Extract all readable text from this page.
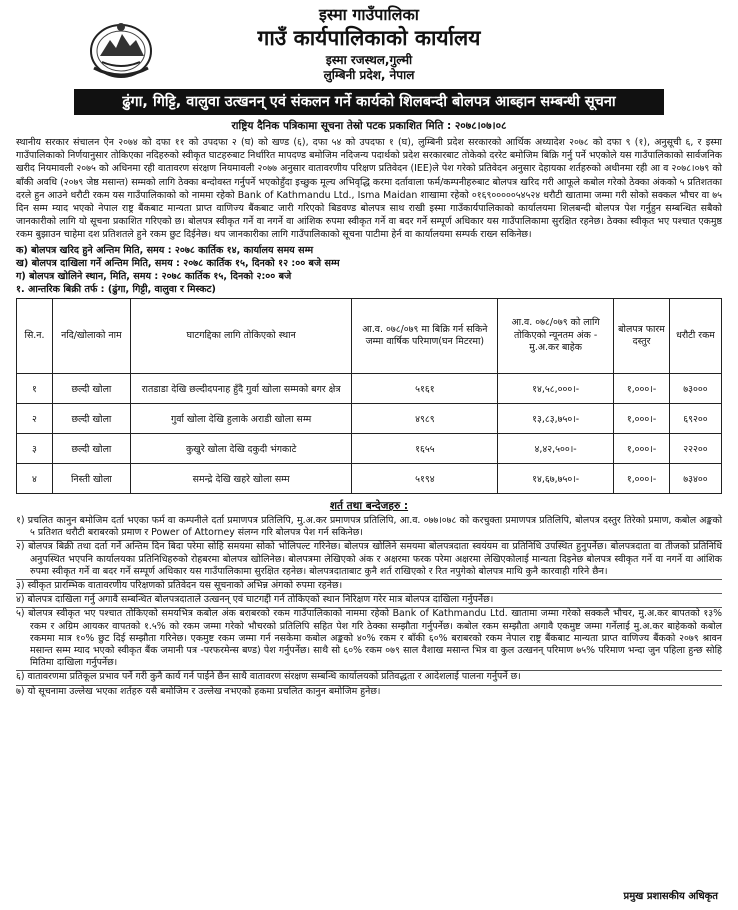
इस्मा गाउँपालिका
गाउँ कार्यपालिकाको कार्यालय
इस्मा रजस्थल,गुल्मी
लुम्बिनी प्रदेश, नेपाल
ढुंगा, गिट्टि, वालुवा उत्खनन् एवं संकलन गर्ने कार्यको शिलबन्दी बोलपत्र आब्हान सम्बन्धी सूचना
राष्ट्रिय दैनिक पत्रिकामा सूचना तेस्रो पटक प्रकाशित मिति : २०७८।०७।०८
स्थानीय सरकार संचालन ऐन २०७४ को दफा ११ को उपदफा २ (घ) को खण्ड (६), दफा ५४ को उपदफा १ (घ), लुम्बिनी प्रदेश सरकारको आर्थिक अध्यादेश २०७८ को दफा ९ (१), अनुसूची ६, र इस्मा गाउँपालिकाको निर्णयानुसार तोकिएका नदिहरुको स्वीकृत घाटहरुबाट निर्धारित मापदण्ड बमोजिम नदिजन्य पदार्थको प्रदेश सरकारबाट तोकेको दररेट बमोजिम बिक्रि गर्नु पर्ने भएकोले यस गाउँपालिकाको सार्वजनिक खरीद नियमावली २०७५ को अधिनमा रही वातावरण संरक्षण नियमावली २०७७ अनुसार वातावरणीय परिक्षण प्रतिवेदन (IEE)ले पेश गरेको प्रतिवेदन अनुसार देहायका शर्तहरुको अधीनमा रही आ व २०७८।०७९ को बाँकी अवधि (२०७९ जेष्ठ मसान्त) सम्मको लागि ठेक्का बन्दोवस्त गर्नुपर्ने भएकोहुँदा इच्छुक मूल्य अभिवृद्धि करमा दर्तावाला फर्म/कम्पनीहरुबाट बोलपत्र खरिद गरी आफूले कबोल गरेको ठेक्का अंकको ५ प्रतिशतका दरले हुन आउने धरौटी रकम यस गाउँपालिकाको को नाममा रहेको Bank of Kathmandu Ltd., Isma Maidan शाखामा रहेको ०१६९०००००५४५२४ धरौटी खातामा जम्मा गरी सोको सक्कल भौचर वा ७५ दिन सम्म म्याद भएको नेपाल राष्ट्र बैंकबाट मान्यता प्राप्त वाणिज्य बैंकबाट जारी गरिएको बिडवण्ड बोलपत्र साथ राखी इस्मा गाउँकार्यपालिकाको कार्यालयमा शिलबन्दी बोलपत्र पेश गर्नुहुन सम्बन्धित सबैको जानकारीको लागि यो सूचना प्रकाशित गरिएको छ। बोलपत्र स्वीकृत गर्ने वा नगर्ने वा आंशिक रुपमा स्वीकृत गर्ने वा बदर गर्ने सम्पूर्ण अधिकार यस गाउँपालिकामा सुरक्षित रहनेछ। ठेक्का स्वीकृत भए पश्चात एकमुष्ठ रकम बुझाउन चाहेमा दश प्रतिशतले हुने रकम छुट दिईनेछ। थप जानकारीका लागि गाउँपालिकाको सूचना पाटीमा हेर्न वा कार्यालयमा सम्पर्क राख्न सकिनेछ।
क) बोलपत्र खरिद हुने अन्तिम मिति, समय : २०७८ कार्तिक १४, कार्यालय समय सम्म
ख) बोलपत्र दाखिला गर्ने अन्तिम मिति, समय : २०७८ कार्तिक १५, दिनको १२ :०० बजे सम्म
ग) बोलपत्र खोलिने स्थान, मिति, समय : २०७८ कार्तिक १५, दिनको २:०० बजे
१. आन्तरिक बिक्री तर्फ : (ढुंगा, गिट्टी, वालुवा र मिस्कट)
सि.न.	नदि/खोलाको नाम	घाटगद्दिका लागि तोकिएको स्थान	आ.व. ०७८/०७९ मा बिक्रि गर्न सकिने जम्मा वार्षिक परिमाण(घन मिटरमा)	आ.व. ०७८/०७९ को लागि तोकिएको न्यूनतम अंक - मु.अ.कर बाहेक	बोलपत्र फारम दस्तुर	धरौटी रकम
१	छल्दी खोला	रातडाडा देखि छल्दीदपनाह हुँदै गुर्वा खोला सम्मको बगर क्षेत्र	५१६१	१४,५८,०००।-	१,०००।-	७३०००
२	छल्दी खोला	गुर्वा खोला देखि हुलाके अराडी खोला सम्म	४९८९	१३,८३,७५०।-	१,०००।-	६९२००
३	छल्दी खोला	कुखुरे खोला देखि दकुदी भंगकाटे	१६५५	४,४२,५००।-	१,०००।-	२२२००
४	निस्ती खोला	समन्द्रे देखि खहरे खोला सम्म	५१९४	१४,६७,७५०।-	१,०००।-	७३४००
शर्त तथा बन्देजहरु :
१) प्रचलित कानुन बमोजिम दर्ता भएका फर्म वा कम्पनीले दर्ता प्रमाणपत्र प्रतिलिपि, मु.अ.कर प्रमाणपत्र प्रतिलिपि, आ.व. ०७७।०७८ को करचुक्ता प्रमाणपत्र प्रतिलिपि, बोलपत्र दस्तुर तिरेको प्रमाण, कबोल अङ्कको ५ प्रतिशत धरौटी बराबरको प्रमाण र Power of Attorney संलग्न गरि बोलपत्र पेश गर्न सकिनेछ।
२) बोलपत्र बिक्री तथा दर्ता गर्ने अन्तिम दिन बिदा परेमा सोहि समयमा सोको भोलिपल्ट गरिनेछ। बोलपत्र खोलिने समयमा बोलपत्रदाता स्वयंयम वा प्रतिनिधि उपस्थित हुनुपर्नेछ। बोलपत्रदाता वा तीजको प्रतिनिधि अनुपस्थित भएपनि कार्यालयका प्रतिनिधिहरुको रोहबरमा बोलपत्र खोलिनेछ। बोलपत्रमा लेखिएको अंक र अक्षरमा फरक परेमा अक्षरमा लेखिएकोलाई मान्यता दिइनेछ बोलपत्र स्वीकृत गर्ने वा नगर्ने वा आंशिक रुपमा स्वीकृत गर्ने वा बदर गर्ने सम्पूर्ण अधिकार यस गाउँपालिकामा सुरक्षित रहनेछ। बोलपत्रदाताबाट कुनै शर्त राखिएको र रित नपुगेको बोलपत्र माथि कुनै कारवाही गरिने छैन।
३) स्वीकृत प्रारम्भिक वातावरणीय परिक्षणको प्रतिवेदन यस सूचनाको अभिन्न अंगको रुपमा रहनेछ।
४) बोलपत्र दाखिला गर्नु अगावै सम्बन्धित बोलपत्रदाताले उत्खनन् एवं घाटगद्दी गर्न तोकिएको स्थान निरिक्षण गरेर मात्र बोलपत्र दाखिला गर्नुपर्नेछ।
५) बोलपत्र स्वीकृत भए पश्चात तोकिएको समयभित्र कबोल अंक बराबरको रकम गाउँपालिकाको नाममा रहेको Bank of Kathmandu Ltd. खातामा जम्मा गरेको सक्कलै भौचर, मु.अ.कर बापतको १३% रकम र अग्रिम आयकर वापतको १.५% को रकम जम्मा गरेको भौचरको प्रतिलिपि सहित पेश गरि ठेक्का सम्झौता गर्नुपर्नेछ। कबोल रकम सम्झौता अगावै एकमुष्ट जम्मा गर्नेलाई मु.अ.कर बाहेकको कबोल रकममा मात्र १०% छुट दिई सम्झौता गरिनेछ। एकमुष्ट रकम जम्मा गर्न नसकेमा कबोल अङ्कको ४०% रकम र बाँकी ६०% बराबरको रकम नेपाल राष्ट्र बैंकबाट मान्यता प्राप्त वाणिज्य बैंकको २०७९ श्रावन मसान्त सम्म म्याद भएको स्वीकृत बैंक जमानी पत्र -परफरमेन्स बण्ड) पेश गर्नुपर्नेछ। साथै सो ६०% रकम ०७९ साल वैशाख मसान्त भित्र वा कुल उत्खनन् परिमाण ७५% परिमाण भन्दा जुन पहिला हुन्छ सोहि मितिमा दाखिला गर्नुपर्नेछ।
६) वातावरणमा प्रतिकूल प्रभाव पर्ने गरी कुनै कार्य गर्न पाईने छैन साथै वातावरण संरक्षण सम्बन्धि कार्यालयको प्रतिवद्धता र आदेशलाई पालना गर्नुपर्ने छ।
७) यो सूचनामा उल्लेख भएका शर्तहरु यसै बमोजिम र उल्लेख नभएको हकमा प्रचलित कानुन बमोजिम हुनेछ।
प्रमुख प्रशासकीय अधिकृत
